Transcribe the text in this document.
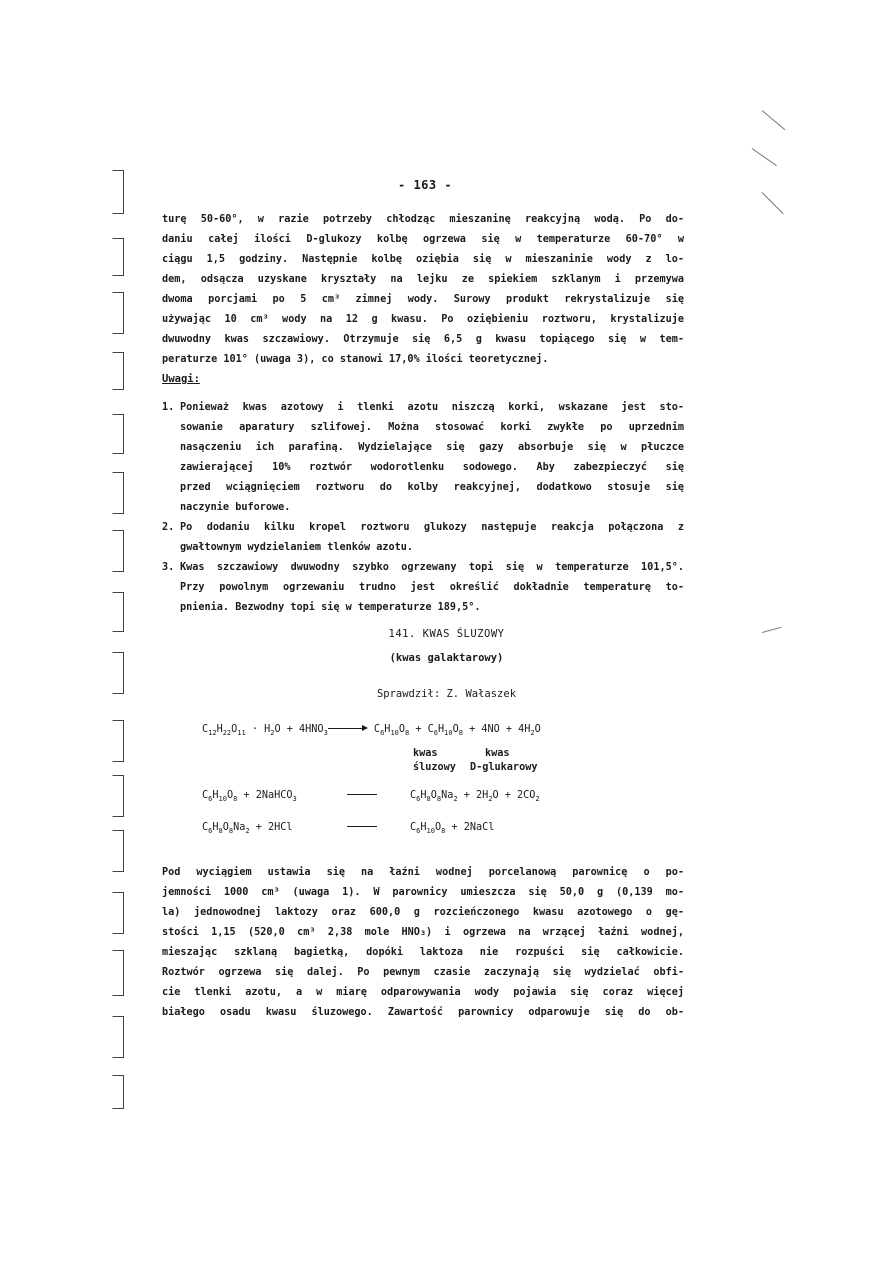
- 163 -
turę 50-60°, w razie potrzeby chłodząc mieszaninę reakcyjną wodą. Po do-
daniu całej ilości D-glukozy kolbę ogrzewa się w temperaturze 60-70° w
ciągu 1,5 godziny. Następnie kolbę oziębia się w mieszaninie wody z lo-
dem, odsącza uzyskane kryształy na lejku ze spiekiem szklanym i przemywa
dwoma porcjami po 5 cm³ zimnej wody. Surowy produkt rekrystalizuje się
używając 10 cm³ wody na 12 g kwasu. Po oziębieniu roztworu, krystalizuje
dwuwodny kwas szczawiowy. Otrzymuje się 6,5 g kwasu topiącego się w tem-
peraturze 101° (uwaga 3), co stanowi 17,0% ilości teoretycznej.
Uwagi:
1. Ponieważ kwas azotowy i tlenki azotu niszczą korki, wskazane jest sto-
sowanie aparatury szlifowej. Można stosować korki zwykłe po uprzednim
nasączeniu ich parafiną. Wydzielające się gazy absorbuje się w płuczce
zawierającej 10% roztwór wodorotlenku sodowego. Aby zabezpieczyć się
przed wciągnięciem roztworu do kolby reakcyjnej, dodatkowo stosuje się
naczynie buforowe.
2. Po dodaniu kilku kropel roztworu glukozy następuje reakcja połączona z
gwałtownym wydzielaniem tlenków azotu.
3. Kwas szczawiowy dwuwodny szybko ogrzewany topi się w temperaturze 101,5°.
Przy powolnym ogrzewaniu trudno jest określić dokładnie temperaturę to-
pnienia. Bezwodny topi się w temperaturze 189,5°.
141. KWAS ŚLUZOWY
(kwas galaktarowy)
Sprawdził: Z. Wałaszek
$C_{12}H_{22}O_{11} \cdot H_2O + 4HNO_3$	$C_6H_{10}O_8 + C_6H_{10}O_8 + 4NO + 4H_2O$
kwas
śluzowy
kwas
D-glukarowy
$C_6H_{10}O_8$ + 2NaHCO$_3$	$C_6H_8O_8Na_2 + 2H_2O + 2CO_2$
$C_6H_8O_8Na_2 + 2HCl$	$C_6H_{10}O_8$ + 2NaCl
Pod wyciągiem ustawia się na łaźni wodnej porcelanową parownicę o po-
jemności 1000 cm³ (uwaga 1). W parownicy umieszcza się 50,0 g (0,139 mo-
la) jednowodnej laktozy oraz 600,0 g rozcieńczonego kwasu azotowego o gę-
stości 1,15 (520,0 cm³ 2,38 mole HNO₃) i ogrzewa na wrzącej łaźni wodnej,
mieszając szklaną bagietką, dopóki laktoza nie rozpuści się całkowicie.
Roztwór ogrzewa się dalej. Po pewnym czasie zaczynają się wydzielać obfi-
cie tlenki azotu, a w miarę odparowywania wody pojawia się coraz więcej
białego osadu kwasu śluzowego. Zawartość parownicy odparowuje się do ob-
